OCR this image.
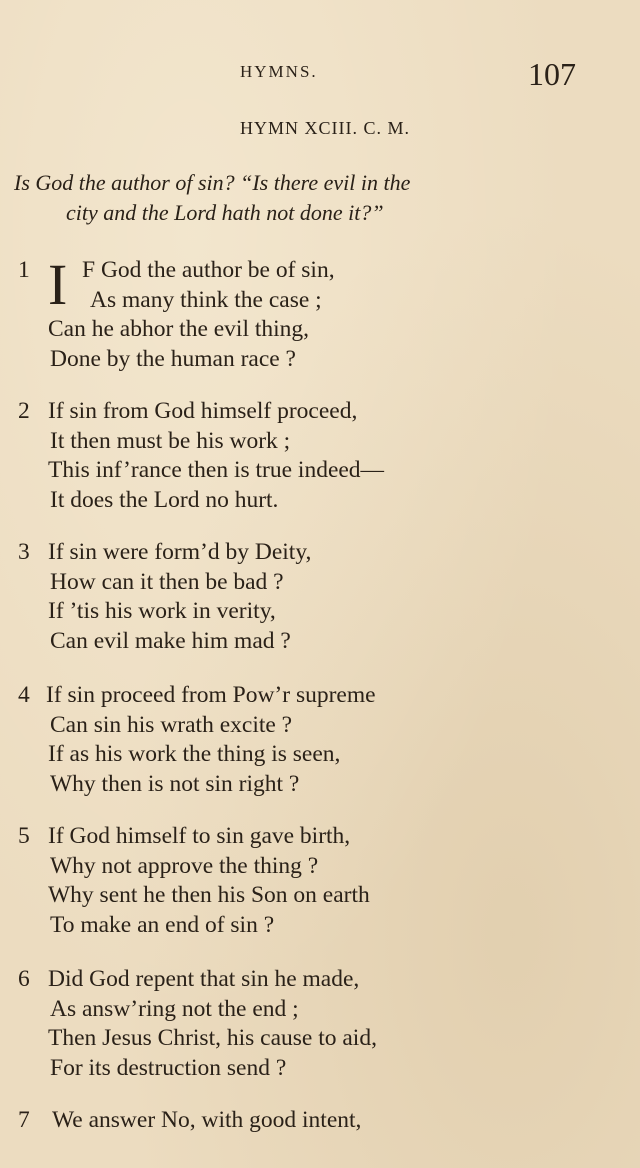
HYMNS.	107
HYMN XCIII. C. M.
Is God the author of sin? “Is there evil in the
city and the Lord hath not done it?”
1 I F God the author be of sin,
As many think the case ;
Can he abhor the evil thing,
Done by the human race ?
2 If sin from God himself proceed,
It then must be his work ;
This inf’rance then is true indeed—
It does the Lord no hurt.
3 If sin were form’d by Deity,
How can it then be bad ?
If ’tis his work in verity,
Can evil make him mad ?
4 If sin proceed from Pow’r supreme
Can sin his wrath excite ?
If as his work the thing is seen,
Why then is not sin right ?
5 If God himself to sin gave birth,
Why not approve the thing ?
Why sent he then his Son on earth
To make an end of sin ?
6 Did God repent that sin he made,
As answ’ring not the end ;
Then Jesus Christ, his cause to aid,
For its destruction send ?
7 We answer No, with good intent,
